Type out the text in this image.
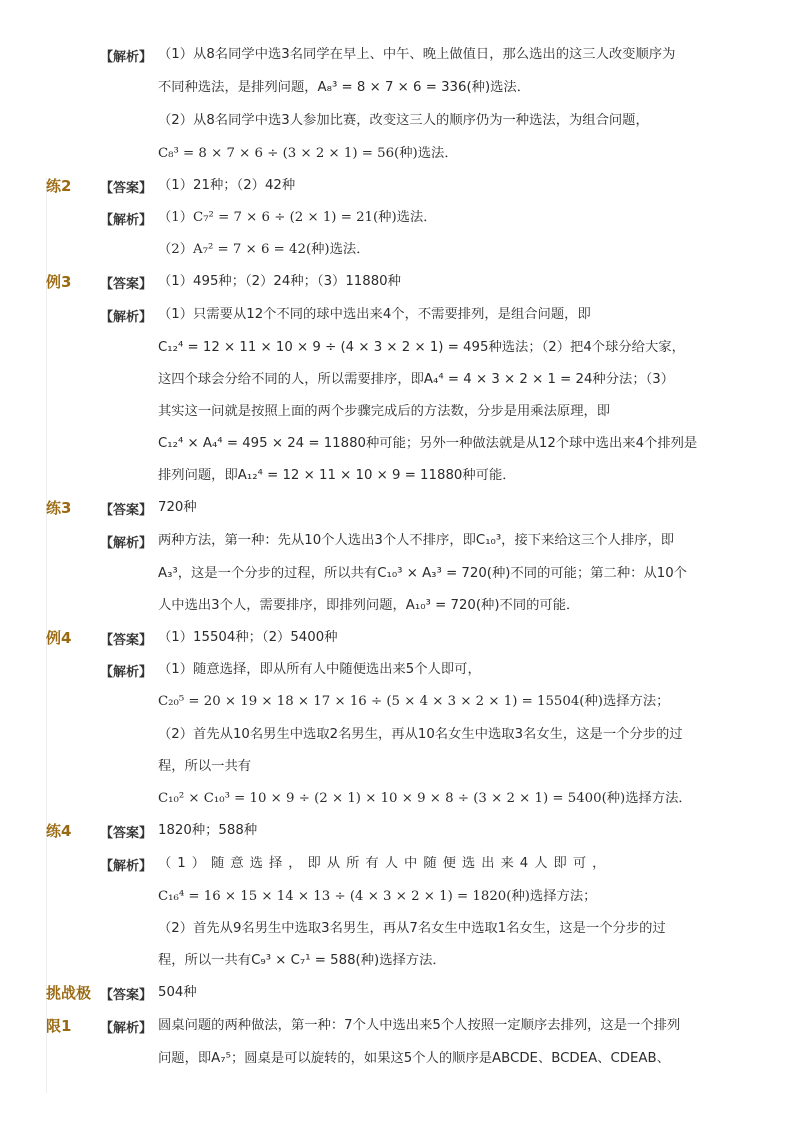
【解析】 （1）从8名同学中选3名同学在早上、中午、晚上做值日，那么选出的这三人改变顺序为
不同种选法，是排列问题，A₈³ = 8 × 7 × 6 = 336(种)选法．
（2）从8名同学中选3人参加比赛，改变这三人的顺序仍为一种选法，为组合问题，
C₈³ = 8 × 7 × 6 ÷ (3 × 2 × 1) = 56(种)选法．
练2 【答案】 （1）21种；（2）42种
【解析】 （1）C₇² = 7 × 6 ÷ (2 × 1) = 21(种)选法．
（2）A₇² = 7 × 6 = 42(种)选法．
例3 【答案】 （1）495种；（2）24种；（3）11880种
【解析】 （1）只需要从12个不同的球中选出来4个，不需要排列，是组合问题，即
C₁₂⁴ = 12 × 11 × 10 × 9 ÷ (4 × 3 × 2 × 1) = 495种选法；（2）把4个球分给大家，
这四个球会分给不同的人，所以需要排序，即A₄⁴ = 4 × 3 × 2 × 1 = 24种分法；（3）
其实这一问就是按照上面的两个步骤完成后的方法数，分步是用乘法原理，即
C₁₂⁴ × A₄⁴ = 495 × 24 = 11880种可能；另外一种做法就是从12个球中选出来4个排列是
排列问题，即A₁₂⁴ = 12 × 11 × 10 × 9 = 11880种可能．
练3 【答案】 720种
【解析】 两种方法，第一种：先从10个人选出3个人不排序，即C₁₀³，接下来给这三个人排序，即
A₃³，这是一个分步的过程，所以共有C₁₀³ × A₃³ = 720(种)不同的可能；第二种：从10个
人中选出3个人，需要排序，即排列问题，A₁₀³ = 720(种)不同的可能．
例4 【答案】 （1）15504种；（2）5400种
【解析】 （1）随意选择，即从所有人中随便选出来5个人即可，
C₂₀⁵ = 20 × 19 × 18 × 17 × 16 ÷ (5 × 4 × 3 × 2 × 1) = 15504(种)选择方法；
（2）首先从10名男生中选取2名男生，再从10名女生中选取3名女生，这是一个分步的过
程，所以一共有
C₁₀² × C₁₀³ = 10 × 9 ÷ (2 × 1) × 10 × 9 × 8 ÷ (3 × 2 × 1) = 5400(种)选择方法．
练4 【答案】 1820种；588种
【解析】 （1）随意选择，即从所有人中随便选出来4人即可，
C₁₆⁴ = 16 × 15 × 14 × 13 ÷ (4 × 3 × 2 × 1) = 1820(种)选择方法；
（2）首先从9名男生中选取3名男生，再从7名女生中选取1名女生，这是一个分步的过
程，所以一共有C₉³ × C₇¹ = 588(种)选择方法．
挑战极 【答案】 504种
限1 【解析】 圆桌问题的两种做法，第一种：7个人中选出来5个人按照一定顺序去排列，这是一个排列
问题，即A₇⁵；圆桌是可以旋转的，如果这5个人的顺序是ABCDE、BCDEA、CDEAB、
